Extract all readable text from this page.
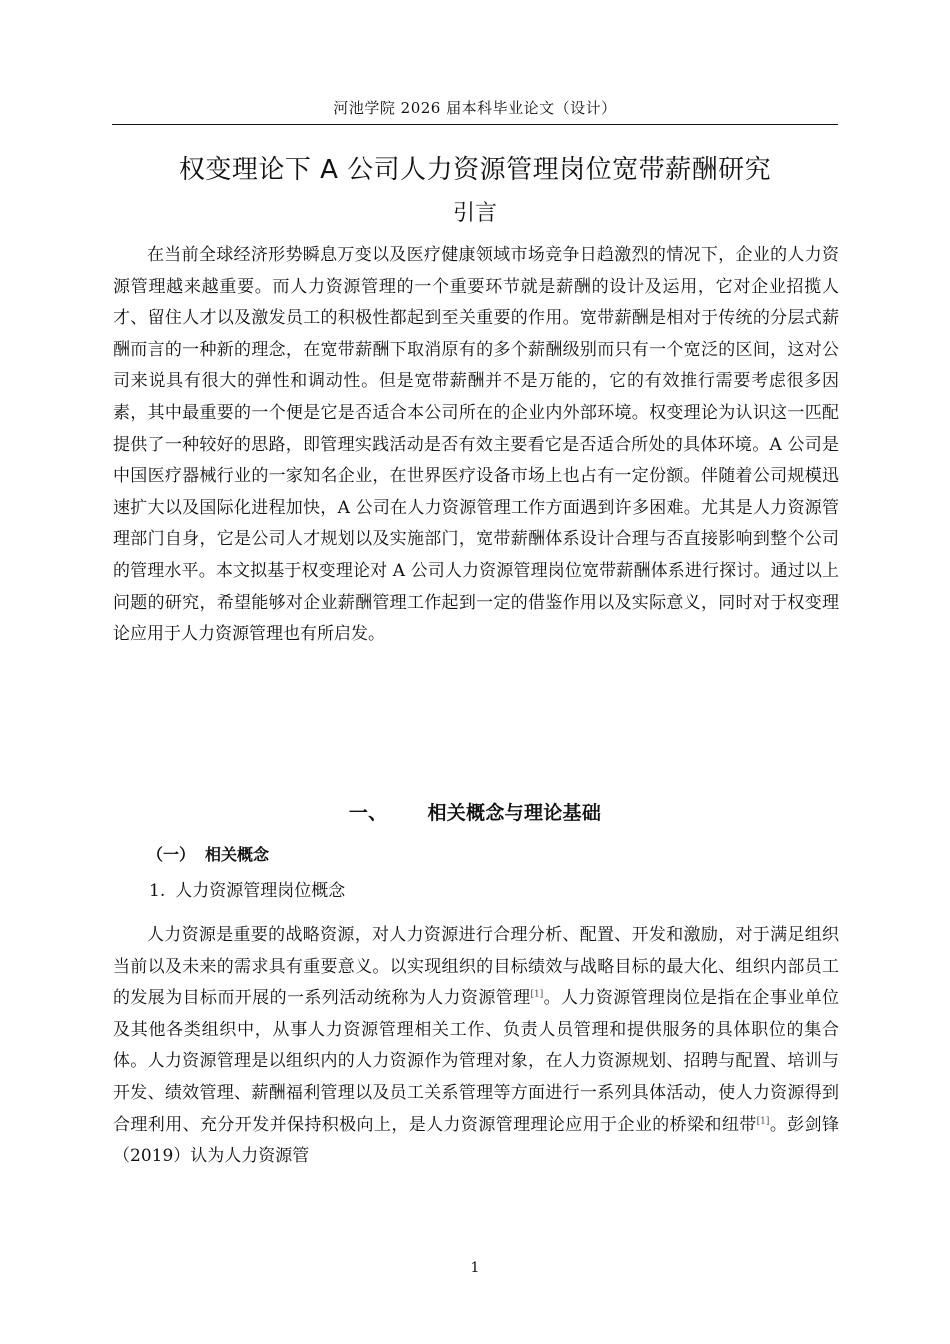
河池学院 2026 届本科毕业论文（设计）
权变理论下 A 公司人力资源管理岗位宽带薪酬研究
引言

在当前全球经济形势瞬息万变以及医疗健康领域市场竞争日趋激烈的情况下，企业的人力资源管理越来越重要。而人力资源管理的一个重要环节就是薪酬的设计及运用，它对企业招揽人才、留住人才以及激发员工的积极性都起到至关重要的作用。宽带薪酬是相对于传统的分层式薪酬而言的一种新的理念，在宽带薪酬下取消原有的多个薪酬级别而只有一个宽泛的区间，这对公司来说具有很大的弹性和调动性。但是宽带薪酬并不是万能的，它的有效推行需要考虑很多因素，其中最重要的一个便是它是否适合本公司所在的企业内外部环境。权变理论为认识这一匹配提供了一种较好的思路，即管理实践活动是否有效主要看它是否适合所处的具体环境。A 公司是中国医疗器械行业的一家知名企业，在世界医疗设备市场上也占有一定份额。伴随着公司规模迅速扩大以及国际化进程加快，A 公司在人力资源管理工作方面遇到许多困难。尤其是人力资源管理部门自身，它是公司人才规划以及实施部门，宽带薪酬体系设计合理与否直接影响到整个公司的管理水平。本文拟基于权变理论对 A 公司人力资源管理岗位宽带薪酬体系进行探讨。通过以上问题的研究，希望能够对企业薪酬管理工作起到一定的借鉴作用以及实际意义，同时对于权变理论应用于人力资源管理也有所启发。

一、 相关概念与理论基础
（一） 相关概念
1. 人力资源管理岗位概念

人力资源是重要的战略资源，对人力资源进行合理分析、配置、开发和激励，对于满足组织当前以及未来的需求具有重要意义。以实现组织的目标绩效与战略目标的最大化、组织内部员工的发展为目标而开展的一系列活动统称为人力资源管理[1]。人力资源管理岗位是指在企事业单位及其他各类组织中，从事人力资源管理相关工作、负责人员管理和提供服务的具体职位的集合体。人力资源管理是以组织内的人力资源作为管理对象，在人力资源规划、招聘与配置、培训与开发、绩效管理、薪酬福利管理以及员工关系管理等方面进行一系列具体活动，使人力资源得到合理利用、充分开发并保持积极向上，是人力资源管理理论应用于企业的桥梁和纽带[1]。彭剑锋（2019）认为人力资源管

1
